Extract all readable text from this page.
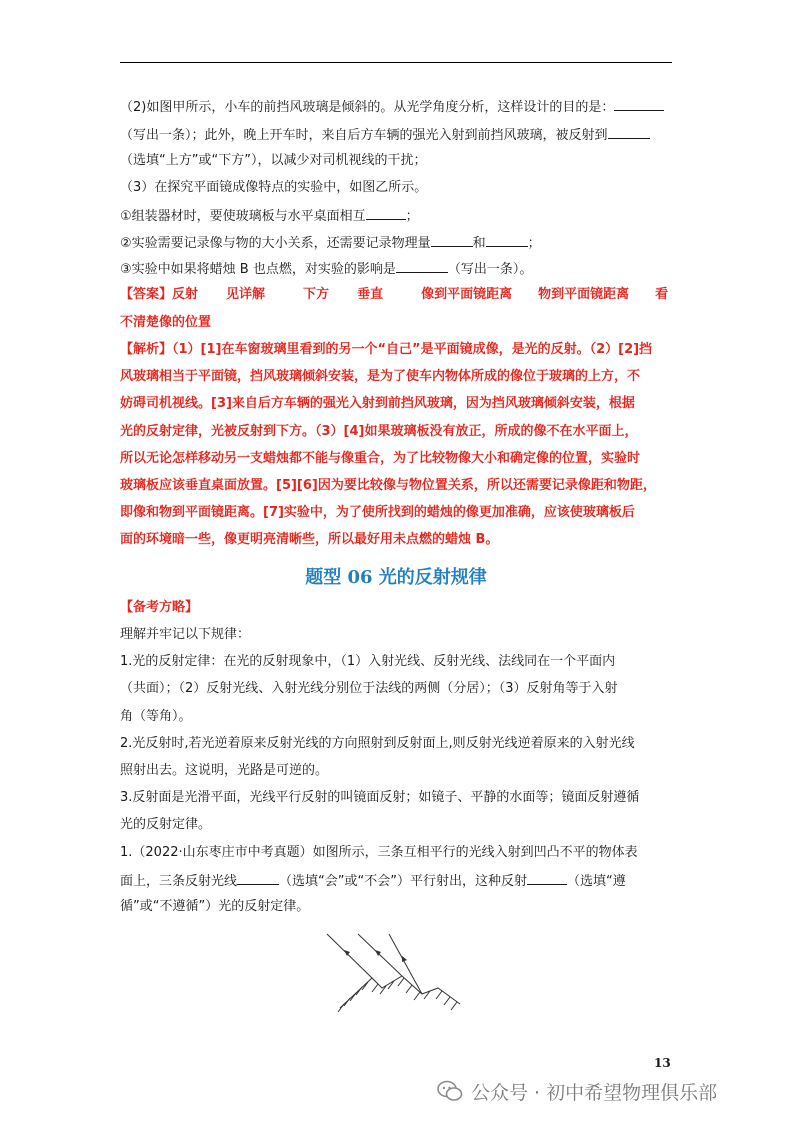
（2)如图甲所示，小车的前挡风玻璃是倾斜的。从光学角度分析，这样设计的目的是：
（写出一条）；此外，晚上开车时，来自后方车辆的强光入射到前挡风玻璃，被反射到
（选填“上方”或“下方”），以减少对司机视线的干扰；
（3）在探究平面镜成像特点的实验中，如图乙所示。
①组装器材时，要使玻璃板与水平桌面相互	；
②实验需要记录像与物的大小关系，还需要记录物理量	和	；
③实验中如果将蜡烛 B 也点燃，对实验的影响是	（写出一条）。
【答案】反射 见详解	下方 垂直	像到平面镜距离 物到平面镜距离 看
不清楚像的位置
【解析】（1）[1]在车窗玻璃里看到的另一个“自己”是平面镜成像，是光的反射。（2）[2]挡
风玻璃相当于平面镜，挡风玻璃倾斜安装，是为了使车内物体所成的像位于玻璃的上方，不
妨碍司机视线。[3]来自后方车辆的强光入射到前挡风玻璃，因为挡风玻璃倾斜安装，根据
光的反射定律，光被反射到下方。（3）[4]如果玻璃板没有放正，所成的像不在水平面上，
所以无论怎样移动另一支蜡烛都不能与像重合，为了比较物像大小和确定像的位置，实验时
玻璃板应该垂直桌面放置。[5][6]因为要比较像与物位置关系，所以还需要记录像距和物距，
即像和物到平面镜距离。[7]实验中，为了使所找到的蜡烛的像更加准确，应该使玻璃板后
面的环境暗一些，像更明亮清晰些，所以最好用未点燃的蜡烛 B。
题型 06 光的反射规律
【备考方略】
理解并牢记以下规律：
1.光的反射定律：在光的反射现象中，（1）入射光线、反射光线、法线同在一个平面内
（共面）；（2）反射光线、入射光线分别位于法线的两侧（分居）；（3）反射角等于入射
角（等角）。
2.光反射时,若光逆着原来反射光线的方向照射到反射面上,则反射光线逆着原来的入射光线
照射出去。这说明，光路是可逆的。
3.反射面是光滑平面，光线平行反射的叫镜面反射；如镜子、平静的水面等；镜面反射遵循
光的反射定律。
1.（2022·山东枣庄市中考真题）如图所示，三条互相平行的光线入射到凹凸不平的物体表
面上，三条反射光线	（选填“会”或“不会”）平行射出，这种反射	（选填“遵
循”或“不遵循”）光的反射定律。
13
公众号 · 初中希望物理俱乐部
